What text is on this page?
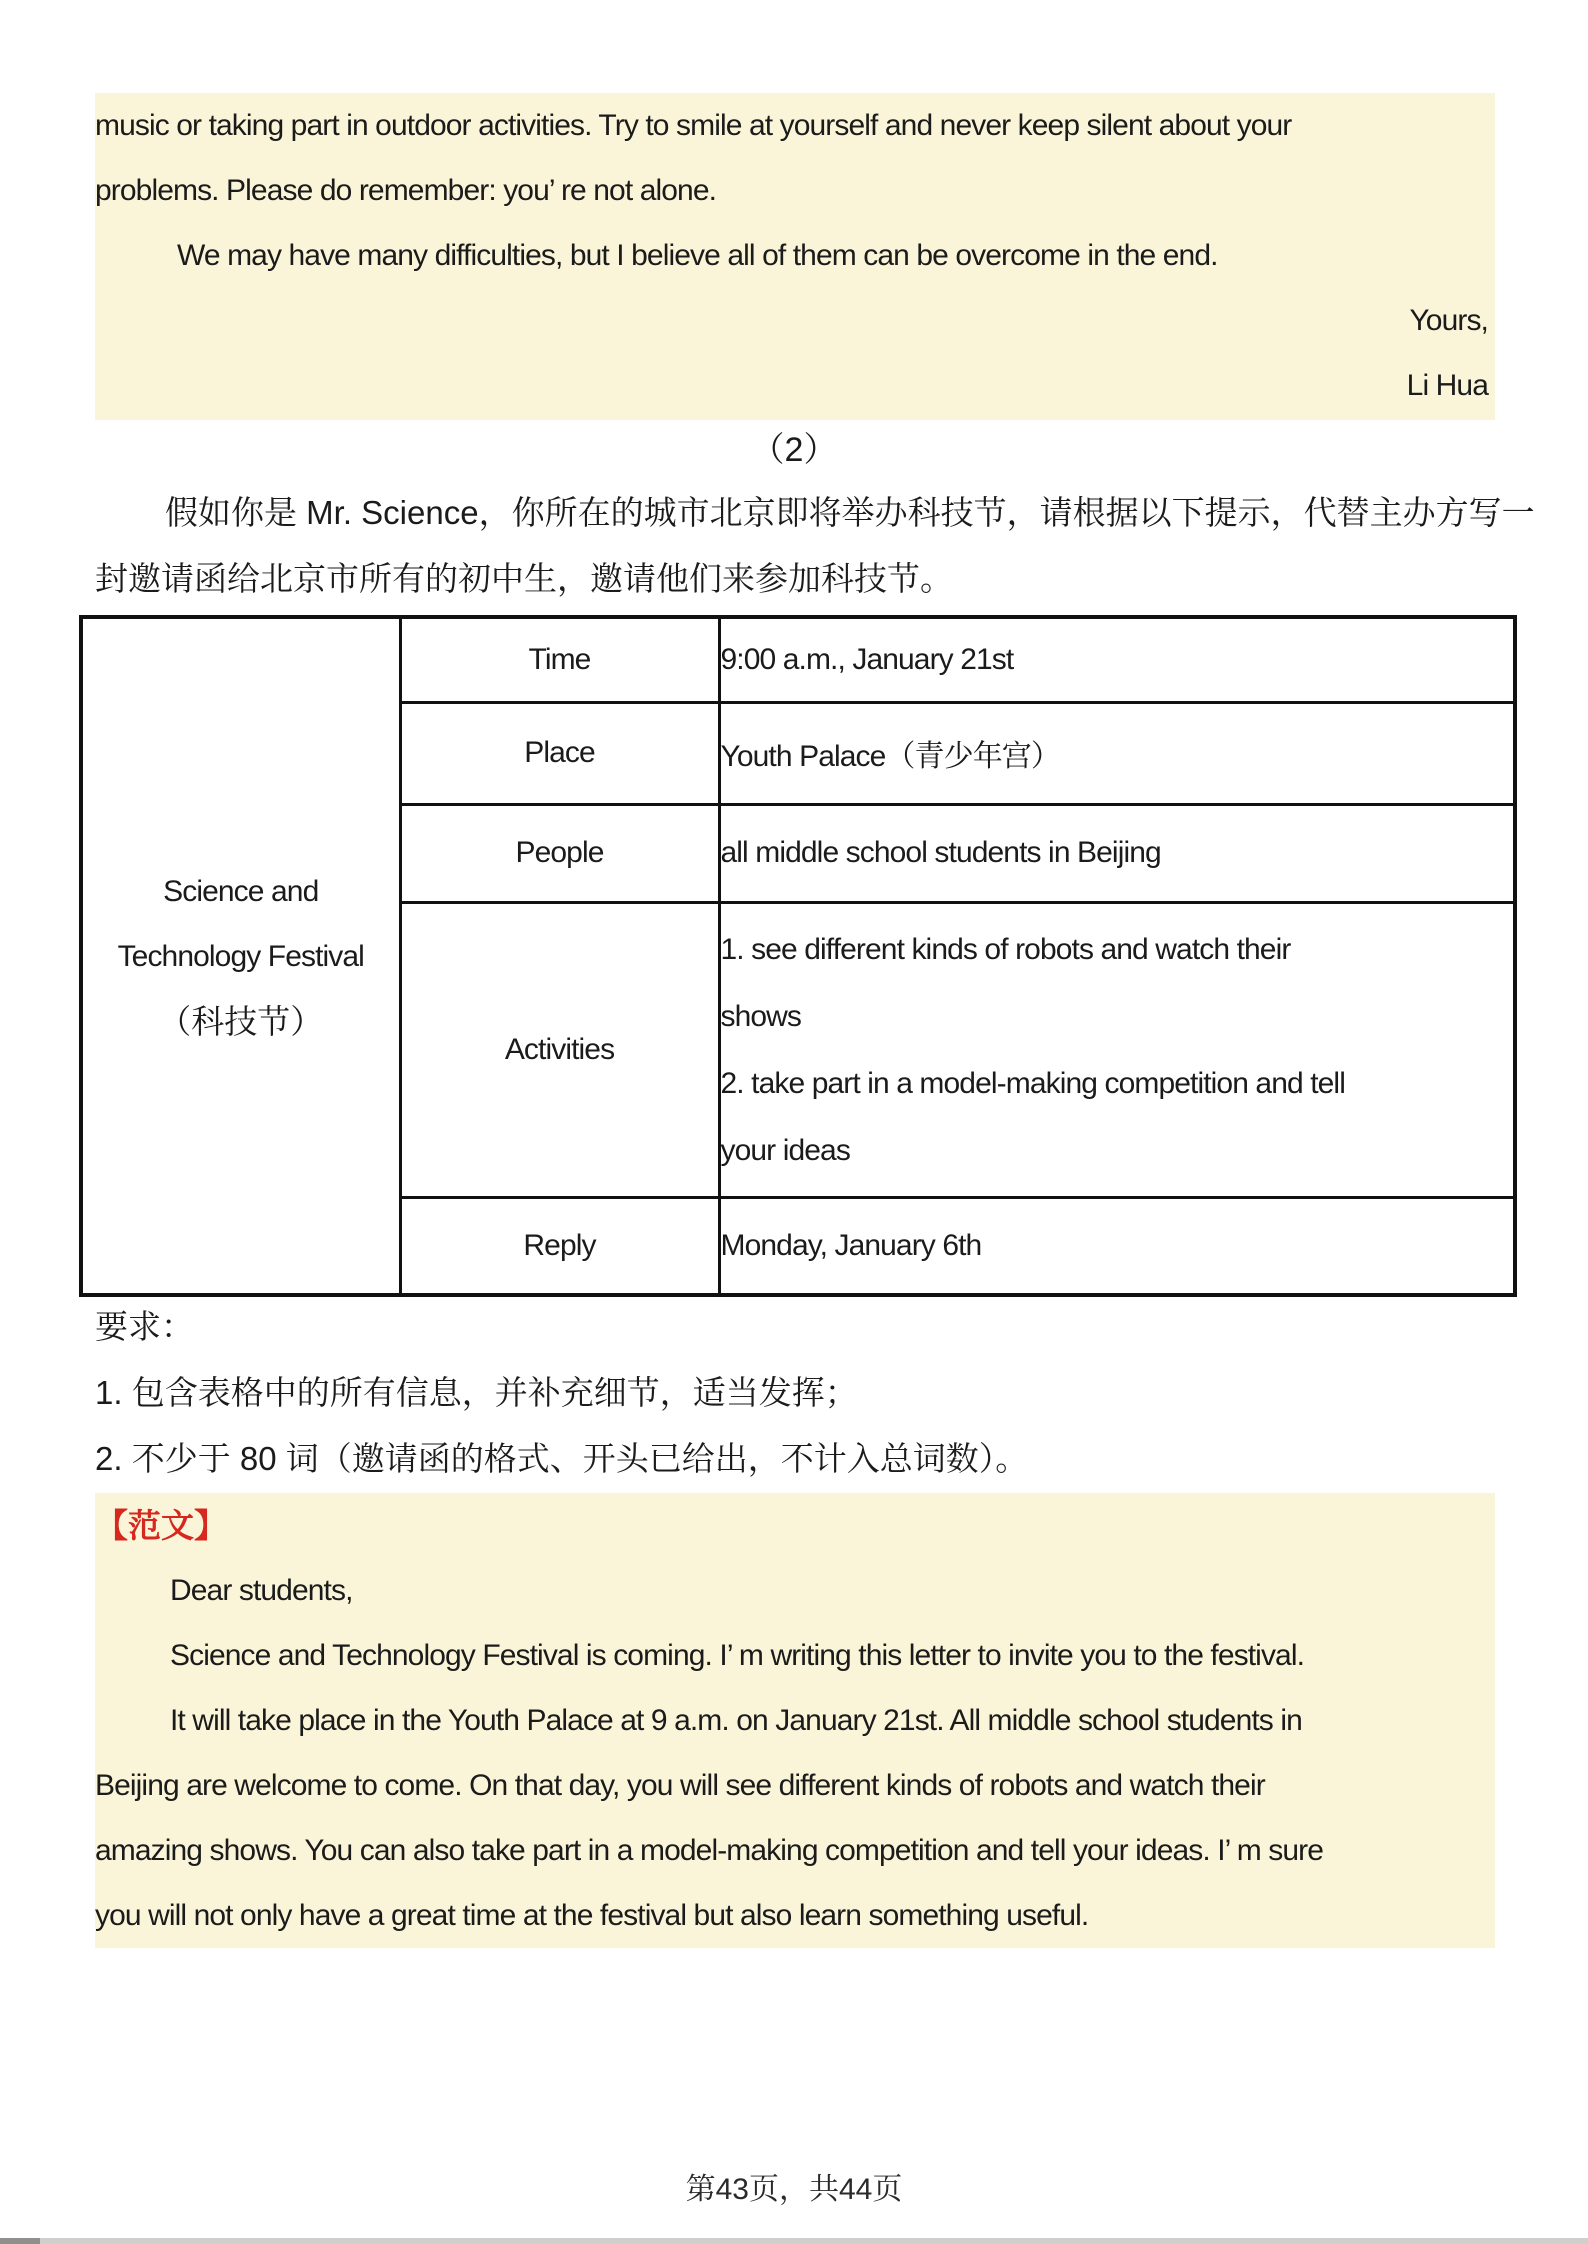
music or taking part in outdoor activities. Try to smile at yourself and never keep silent about your
problems. Please do remember: you’ re not alone.
We may have many difficulties, but I believe all of them can be overcome in the end.
Yours,
Li Hua
（2）
假如你是 Mr. Science，你所在的城市北京即将举办科技节，请根据以下提示，代替主办方写一
封邀请函给北京市所有的初中生，邀请他们来参加科技节。
Science and
Technology Festival
（科技节）	Time	9:00 a.m., January 21st
	Place	Youth Palace（青少年宫）
	People	all middle school students in Beijing
	Activities	1. see different kinds of robots and watch their
shows
2. take part in a model-making competition and tell
your ideas

	Reply	Monday, January 6th
要求：
1. 包含表格中的所有信息，并补充细节，适当发挥；
2. 不少于 80 词（邀请函的格式、开头已给出，不计入总词数）。
【范文】
Dear students,
Science and Technology Festival is coming. I’ m writing this letter to invite you to the festival.
It will take place in the Youth Palace at 9 a.m. on January 21st. All middle school students in
Beijing are welcome to come. On that day, you will see different kinds of robots and watch their
amazing shows. You can also take part in a model-making competition and tell your ideas. I’ m sure
you will not only have a great time at the festival but also learn something useful.
第43页，共44页
